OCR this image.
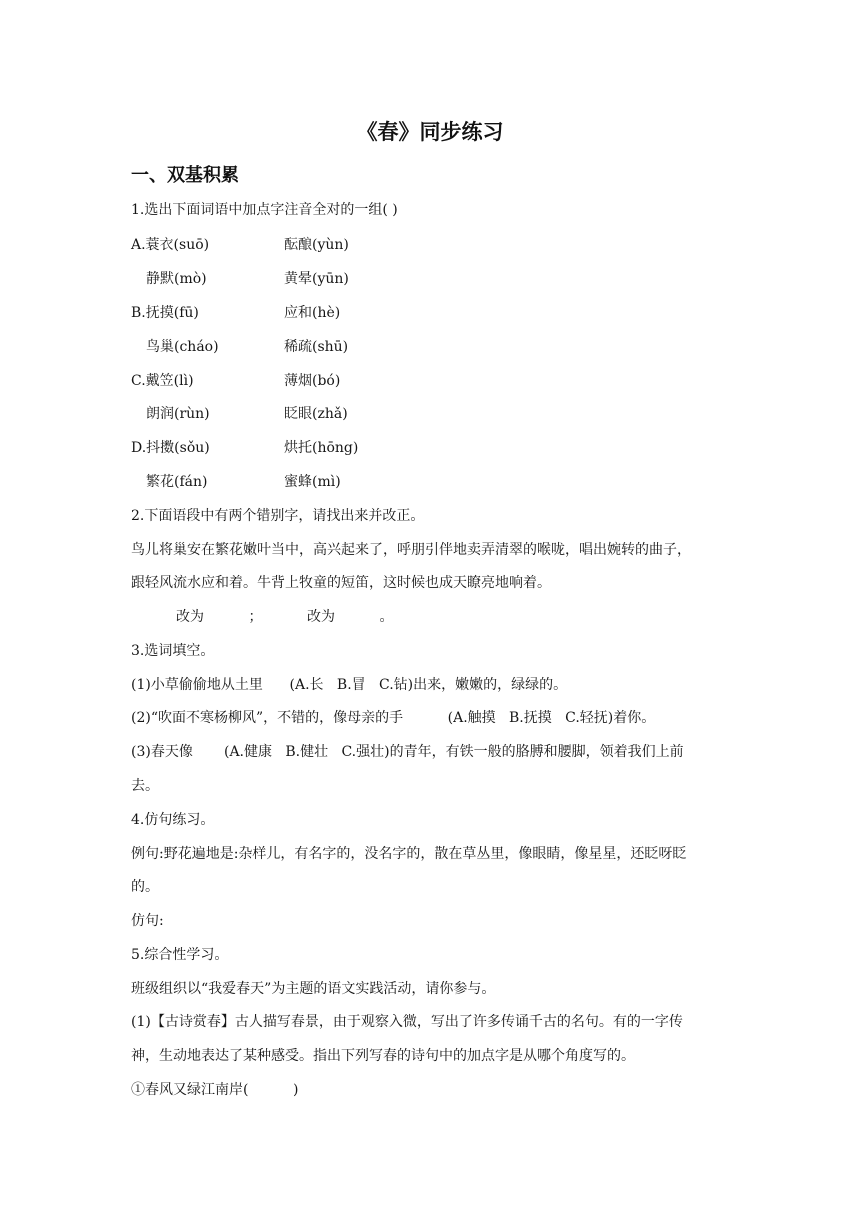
《春》同步练习
一、双基积累
1.选出下面词语中加点字注音全对的一组( )
A.蓑衣(suō)	酝酿(yùn)
静默(mò)	黄晕(yūn)
B.抚摸(fū)	应和(hè)
鸟巢(cháo)	稀疏(shū)
C.戴笠(lì)	薄烟(bó)
朗润(rùn)	眨眼(zhǎ)
D.抖擞(sǒu)	烘托(hōng)
繁花(fán)	蜜蜂(mì)
2.下面语段中有两个错别字，请找出来并改正。
鸟儿将巢安在繁花嫩叶当中，高兴起来了，呼朋引伴地卖弄清翠的喉咙，唱出婉转的曲子，
跟轻风流水应和着。牛背上牧童的短笛，这时候也成天瞭亮地响着。
改为          ；          改为          。
3.选词填空。
(1)小草偷偷地从土里      (A.长   B.冒   C.钻)出来，嫩嫩的，绿绿的。
(2)“吹面不寒杨柳风”，不错的，像母亲的手          (A.触摸   B.抚摸   C.轻抚)着你。
(3)春天像       (A.健康   B.健壮   C.强壮)的青年，有铁一般的胳膊和腰脚，领着我们上前
去。
4.仿句练习。
例句:野花遍地是:杂样儿，有名字的，没名字的，散在草丛里，像眼睛，像星星，还眨呀眨
的。
仿句:
5.综合性学习。
班级组织以“我爱春天”为主题的语文实践活动，请你参与。
(1)【古诗赏春】古人描写春景，由于观察入微，写出了许多传诵千古的名句。有的一字传
神，生动地表达了某种感受。指出下列写春的诗句中的加点字是从哪个角度写的。
①春风又绿江南岸(          )
